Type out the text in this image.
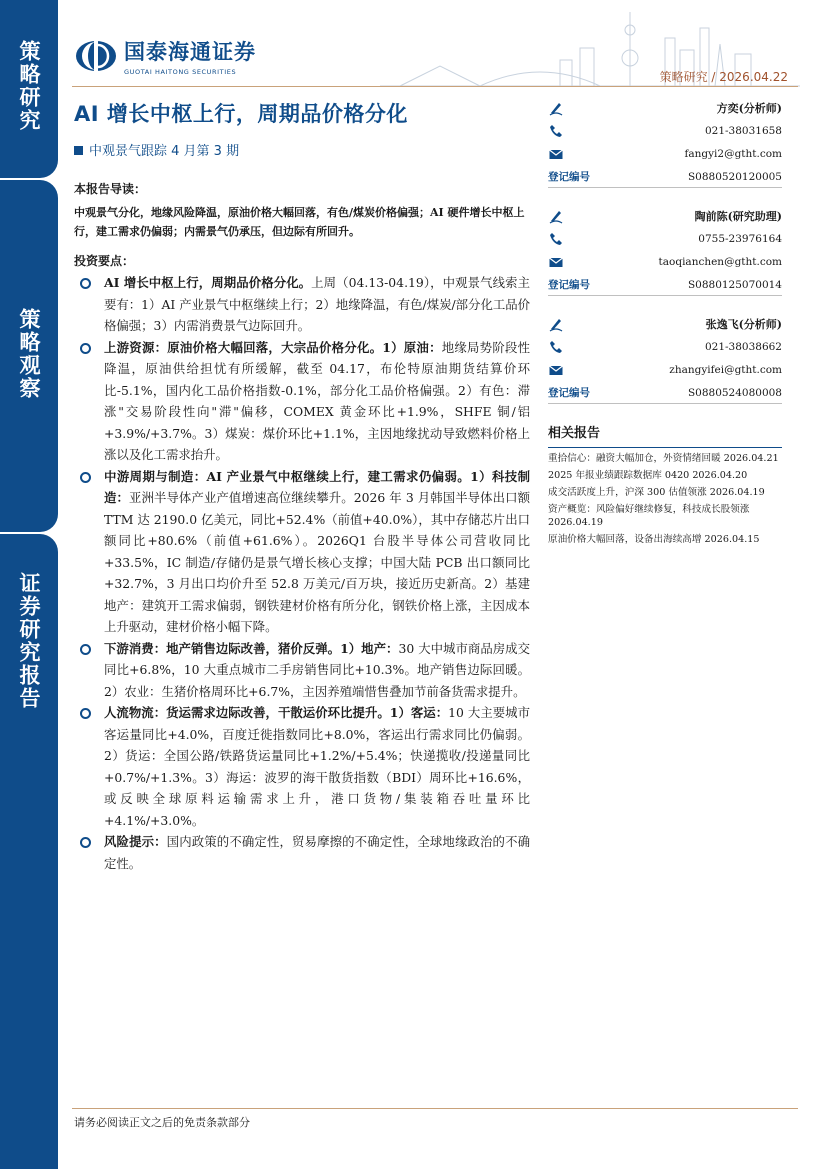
策略研究
策略观察
证券研究报告
国泰海通证券
GUOTAI HAITONG SECURITIES	策略研究 / 2026.04.22
AI 增长中枢上行，周期品价格分化
中观景气跟踪 4 月第 3 期
本报告导读：
中观景气分化，地缘风险降温，原油价格大幅回落，有色/煤炭价格偏强；AI 硬件增长中枢上行，建工需求仍偏弱；内需景气仍承压，但边际有所回升。
投资要点：
AI 增长中枢上行，周期品价格分化。上周（04.13-04.19），中观景气线索主要有：1）AI 产业景气中枢继续上行；2）地缘降温，有色/煤炭/部分化工品价格偏强；3）内需消费景气边际回升。
上游资源：原油价格大幅回落，大宗品价格分化。1）原油：地缘局势阶段性降温，原油供给担忧有所缓解，截至 04.17，布伦特原油期货结算价环比-5.1%，国内化工品价格指数-0.1%，部分化工品价格偏强。2）有色：滞涨"交易阶段性向"滞"偏移，COMEX 黄金环比+1.9%，SHFE 铜/铝+3.9%/+3.7%。3）煤炭：煤价环比+1.1%，主因地缘扰动导致燃料价格上涨以及化工需求抬升。
中游周期与制造：AI 产业景气中枢继续上行，建工需求仍偏弱。1）科技制造：亚洲半导体产业产值增速高位继续攀升。2026 年 3 月韩国半导体出口额 TTM 达 2190.0 亿美元，同比+52.4%（前值+40.0%），其中存储芯片出口额同比+80.6%（前值+61.6%）。2026Q1 台股半导体公司营收同比+33.5%，IC 制造/存储仍是景气增长核心支撑；中国大陆 PCB 出口额同比+32.7%，3 月出口均价升至 52.8 万美元/百万块，接近历史新高。2）基建地产：建筑开工需求偏弱，钢铁建材价格有所分化，钢铁价格上涨，主因成本上升驱动，建材价格小幅下降。
下游消费：地产销售边际改善，猪价反弹。1）地产：30 大中城市商品房成交同比+6.8%，10 大重点城市二手房销售同比+10.3%。地产销售边际回暖。2）农业：生猪价格周环比+6.7%，主因养殖端惜售叠加节前备货需求提升。
人流物流：货运需求边际改善，干散运价环比提升。1）客运：10 大主要城市客运量同比+4.0%，百度迁徙指数同比+8.0%，客运出行需求同比仍偏弱。2）货运：全国公路/铁路货运量同比+1.2%/+5.4%；快递揽收/投递量同比+0.7%/+1.3%。3）海运：波罗的海干散货指数（BDI）周环比+16.6%，或反映全球原料运输需求上升，港口货物/集装箱吞吐量环比+4.1%/+3.0%。
风险提示：国内政策的不确定性，贸易摩擦的不确定性，全球地缘政治的不确定性。
方奕(分析师)
021-38031658
fangyi2@gtht.com
登记编号	S0880520120005
陶前陈(研究助理)
0755-23976164
taoqianchen@gtht.com
登记编号	S0880125070014
张逸飞(分析师)
021-38038662
zhangyifei@gtht.com
登记编号	S0880524080008
相关报告
重拾信心：融资大幅加仓，外资情绪回暖 2026.04.21
2025 年报业绩跟踪数据库 0420 2026.04.20
成交活跃度上升，沪深 300 估值领涨 2026.04.19
资产概览：风险偏好继续修复，科技成长股领涨 2026.04.19
原油价格大幅回落，设备出海续高增 2026.04.15
请务必阅读正文之后的免责条款部分
